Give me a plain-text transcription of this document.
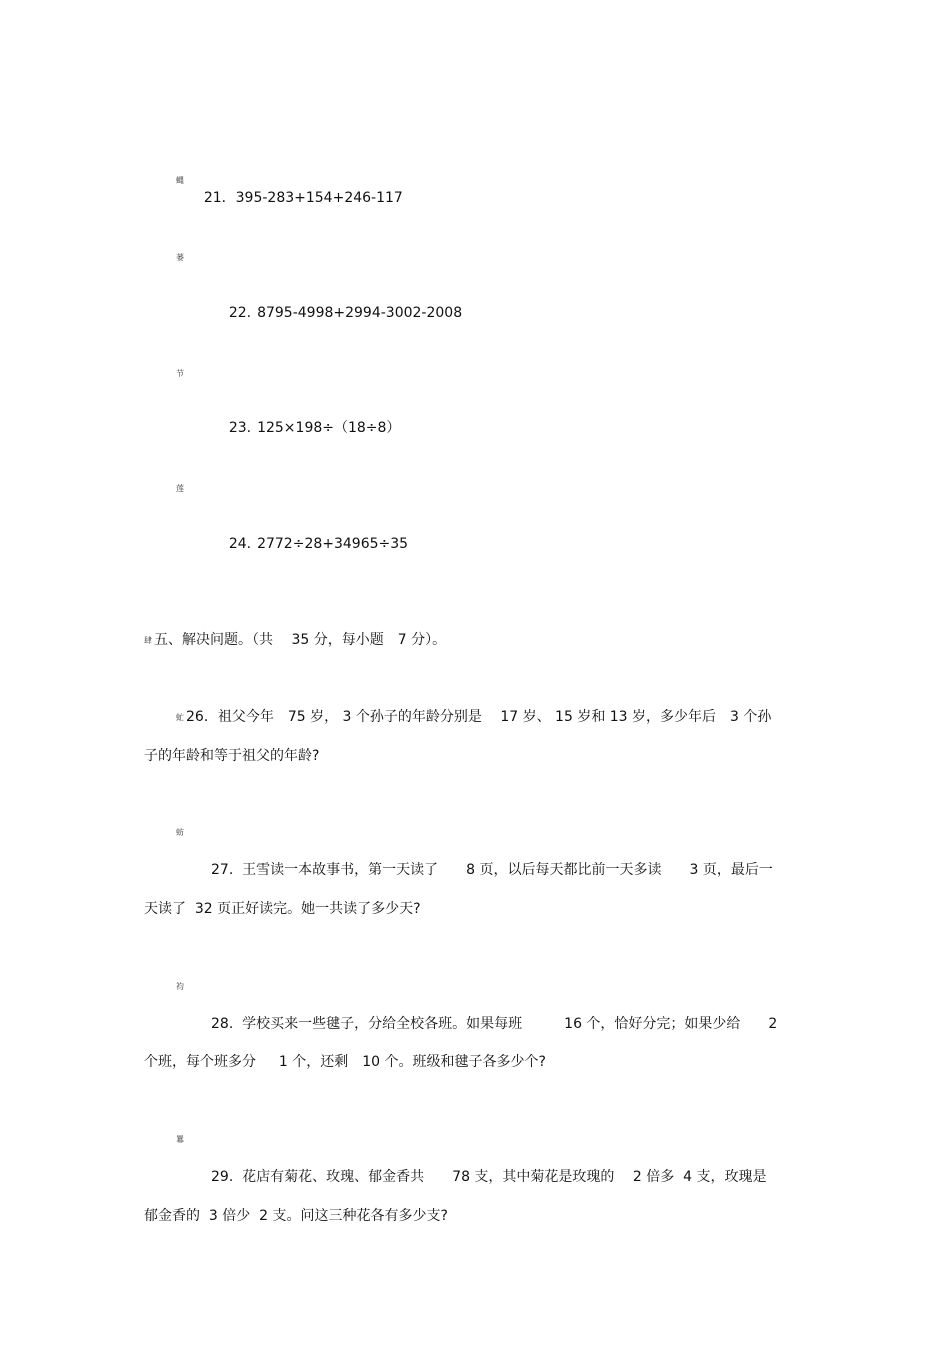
蝿

21．395-283+154+246-117

蒌

22. 8795-4998+2994-3002-2008

节

23. 125×198÷（18÷8）

莲

24. 2772÷28+34965÷35

肆 五、解决问题。（共　 35 分，每小题　7 分）。
虻 26．祖父今年　75 岁， 3 个孙子的年龄分别是　 17 岁、 15 岁和 13 岁，多少年后　3 个孙
子的年龄和等于祖父的年龄?
蚄
27.  王雪读一本故事书，第一天读了　　8 页，以后每天都比前一天多读　　3 页，最后一
天读了  32 页正好读完。她一共读了多少天?
袀
28.  学校买来一些毽子，分给全校各班。如果每班　　　16 个，恰好分完；如果少给　　2
个班，每个班多分　  1 个，还剩　10 个。班级和毽子各多少个?
羃
29.  花店有菊花、玫瑰、郁金香共　　78 支，其中菊花是玫瑰的　 2 倍多  4 支，玫瑰是
郁金香的  3 倍少  2 支。问这三种花各有多少支?
